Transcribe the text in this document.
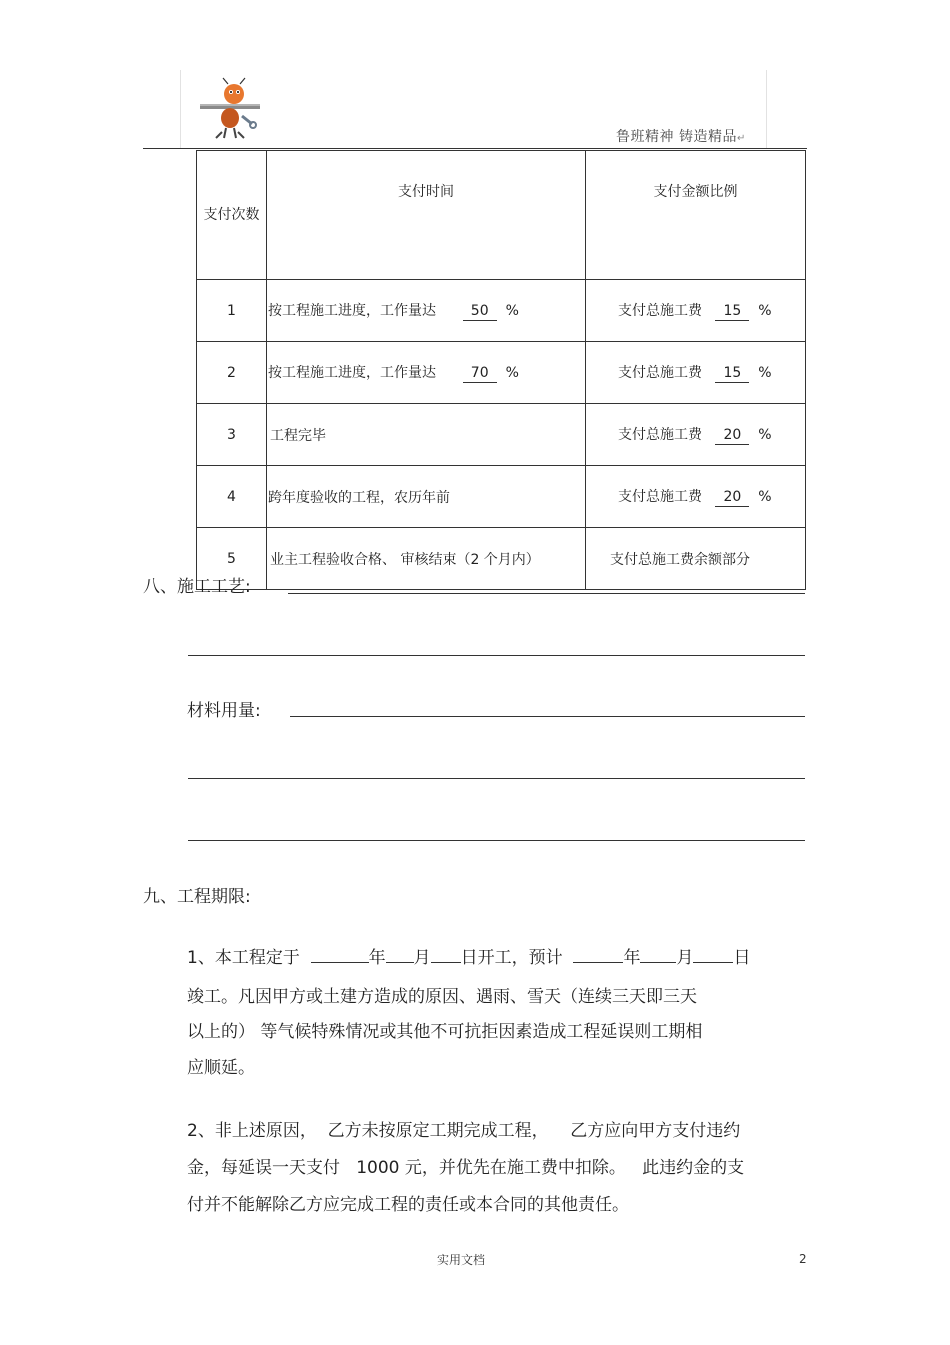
鲁班精神 铸造精品↵
支付次数	支付时间	支付金额比例
1	按工程施工进度，工作量达 50 %	支付总施工费 15 %
2	按工程施工进度，工作量达 70 %	支付总施工费 15 %
3	工程完毕	支付总施工费 20 %
4	跨年度验收的工程，农历年前	支付总施工费 20 %
5	业主工程验收合格、 审核结束（2 个月内）	支付总施工费余额部分
八、施工工艺:
材料用量:
九、工程期限:
1、本工程定于	年 月 日开工，预计	年 月 日
竣工。凡因甲方或土建方造成的原因、遇雨、雪天（连续三天即三天
以上的） 等气候特殊情况或其他不可抗拒因素造成工程延误则工期相
应顺延。
2、非上述原因，  乙方未按原定工期完成工程，    乙方应向甲方支付违约
金，每延误一天支付   1000 元，并优先在施工费中扣除。   此违约金的支
付并不能解除乙方应完成工程的责任或本合同的其他责任。
实用文档	2
